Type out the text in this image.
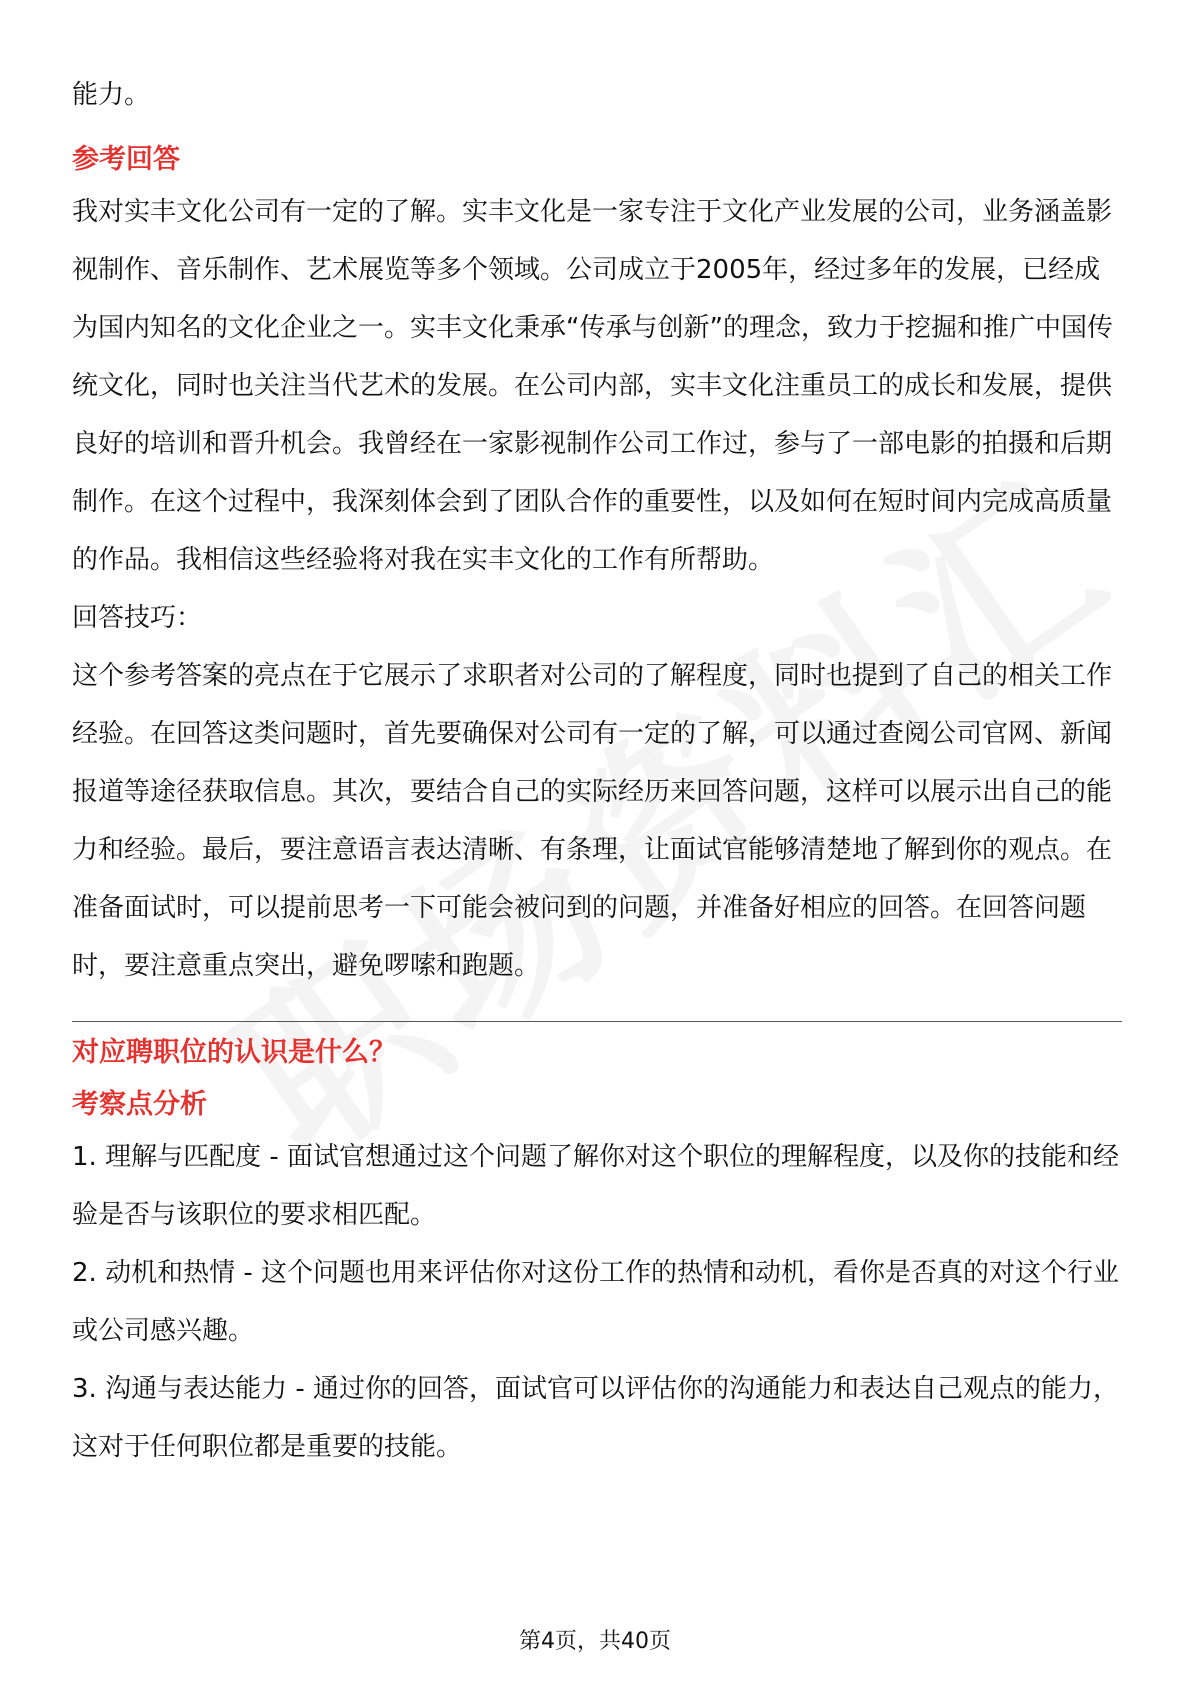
能力。

参考回答

我对实丰文化公司有一定的了解。实丰文化是一家专注于文化产业发展的公司，业务涵盖影视制作、音乐制作、艺术展览等多个领域。公司成立于2005年，经过多年的发展，已经成为国内知名的文化企业之一。实丰文化秉承“传承与创新”的理念，致力于挖掘和推广中国传统文化，同时也关注当代艺术的发展。在公司内部，实丰文化注重员工的成长和发展，提供良好的培训和晋升机会。我曾经在一家影视制作公司工作过，参与了一部电影的拍摄和后期制作。在这个过程中，我深刻体会到了团队合作的重要性，以及如何在短时间内完成高质量的作品。我相信这些经验将对我在实丰文化的工作有所帮助。

回答技巧：

这个参考答案的亮点在于它展示了求职者对公司的了解程度，同时也提到了自己的相关工作经验。在回答这类问题时，首先要确保对公司有一定的了解，可以通过查阅公司官网、新闻报道等途径获取信息。其次，要结合自己的实际经历来回答问题，这样可以展示出自己的能力和经验。最后，要注意语言表达清晰、有条理，让面试官能够清楚地了解到你的观点。在准备面试时，可以提前思考一下可能会被问到的问题，并准备好相应的回答。在回答问题时，要注意重点突出，避免啰嗦和跑题。

对应聘职位的认识是什么？
考察点分析

1. 理解与匹配度 - 面试官想通过这个问题了解你对这个职位的理解程度，以及你的技能和经验是否与该职位的要求相匹配。

2. 动机和热情 - 这个问题也用来评估你对这份工作的热情和动机，看你是否真的对这个行业或公司感兴趣。

3. 沟通与表达能力 - 通过你的回答，面试官可以评估你的沟通能力和表达自己观点的能力，这对于任何职位都是重要的技能。

第4页，共40页
